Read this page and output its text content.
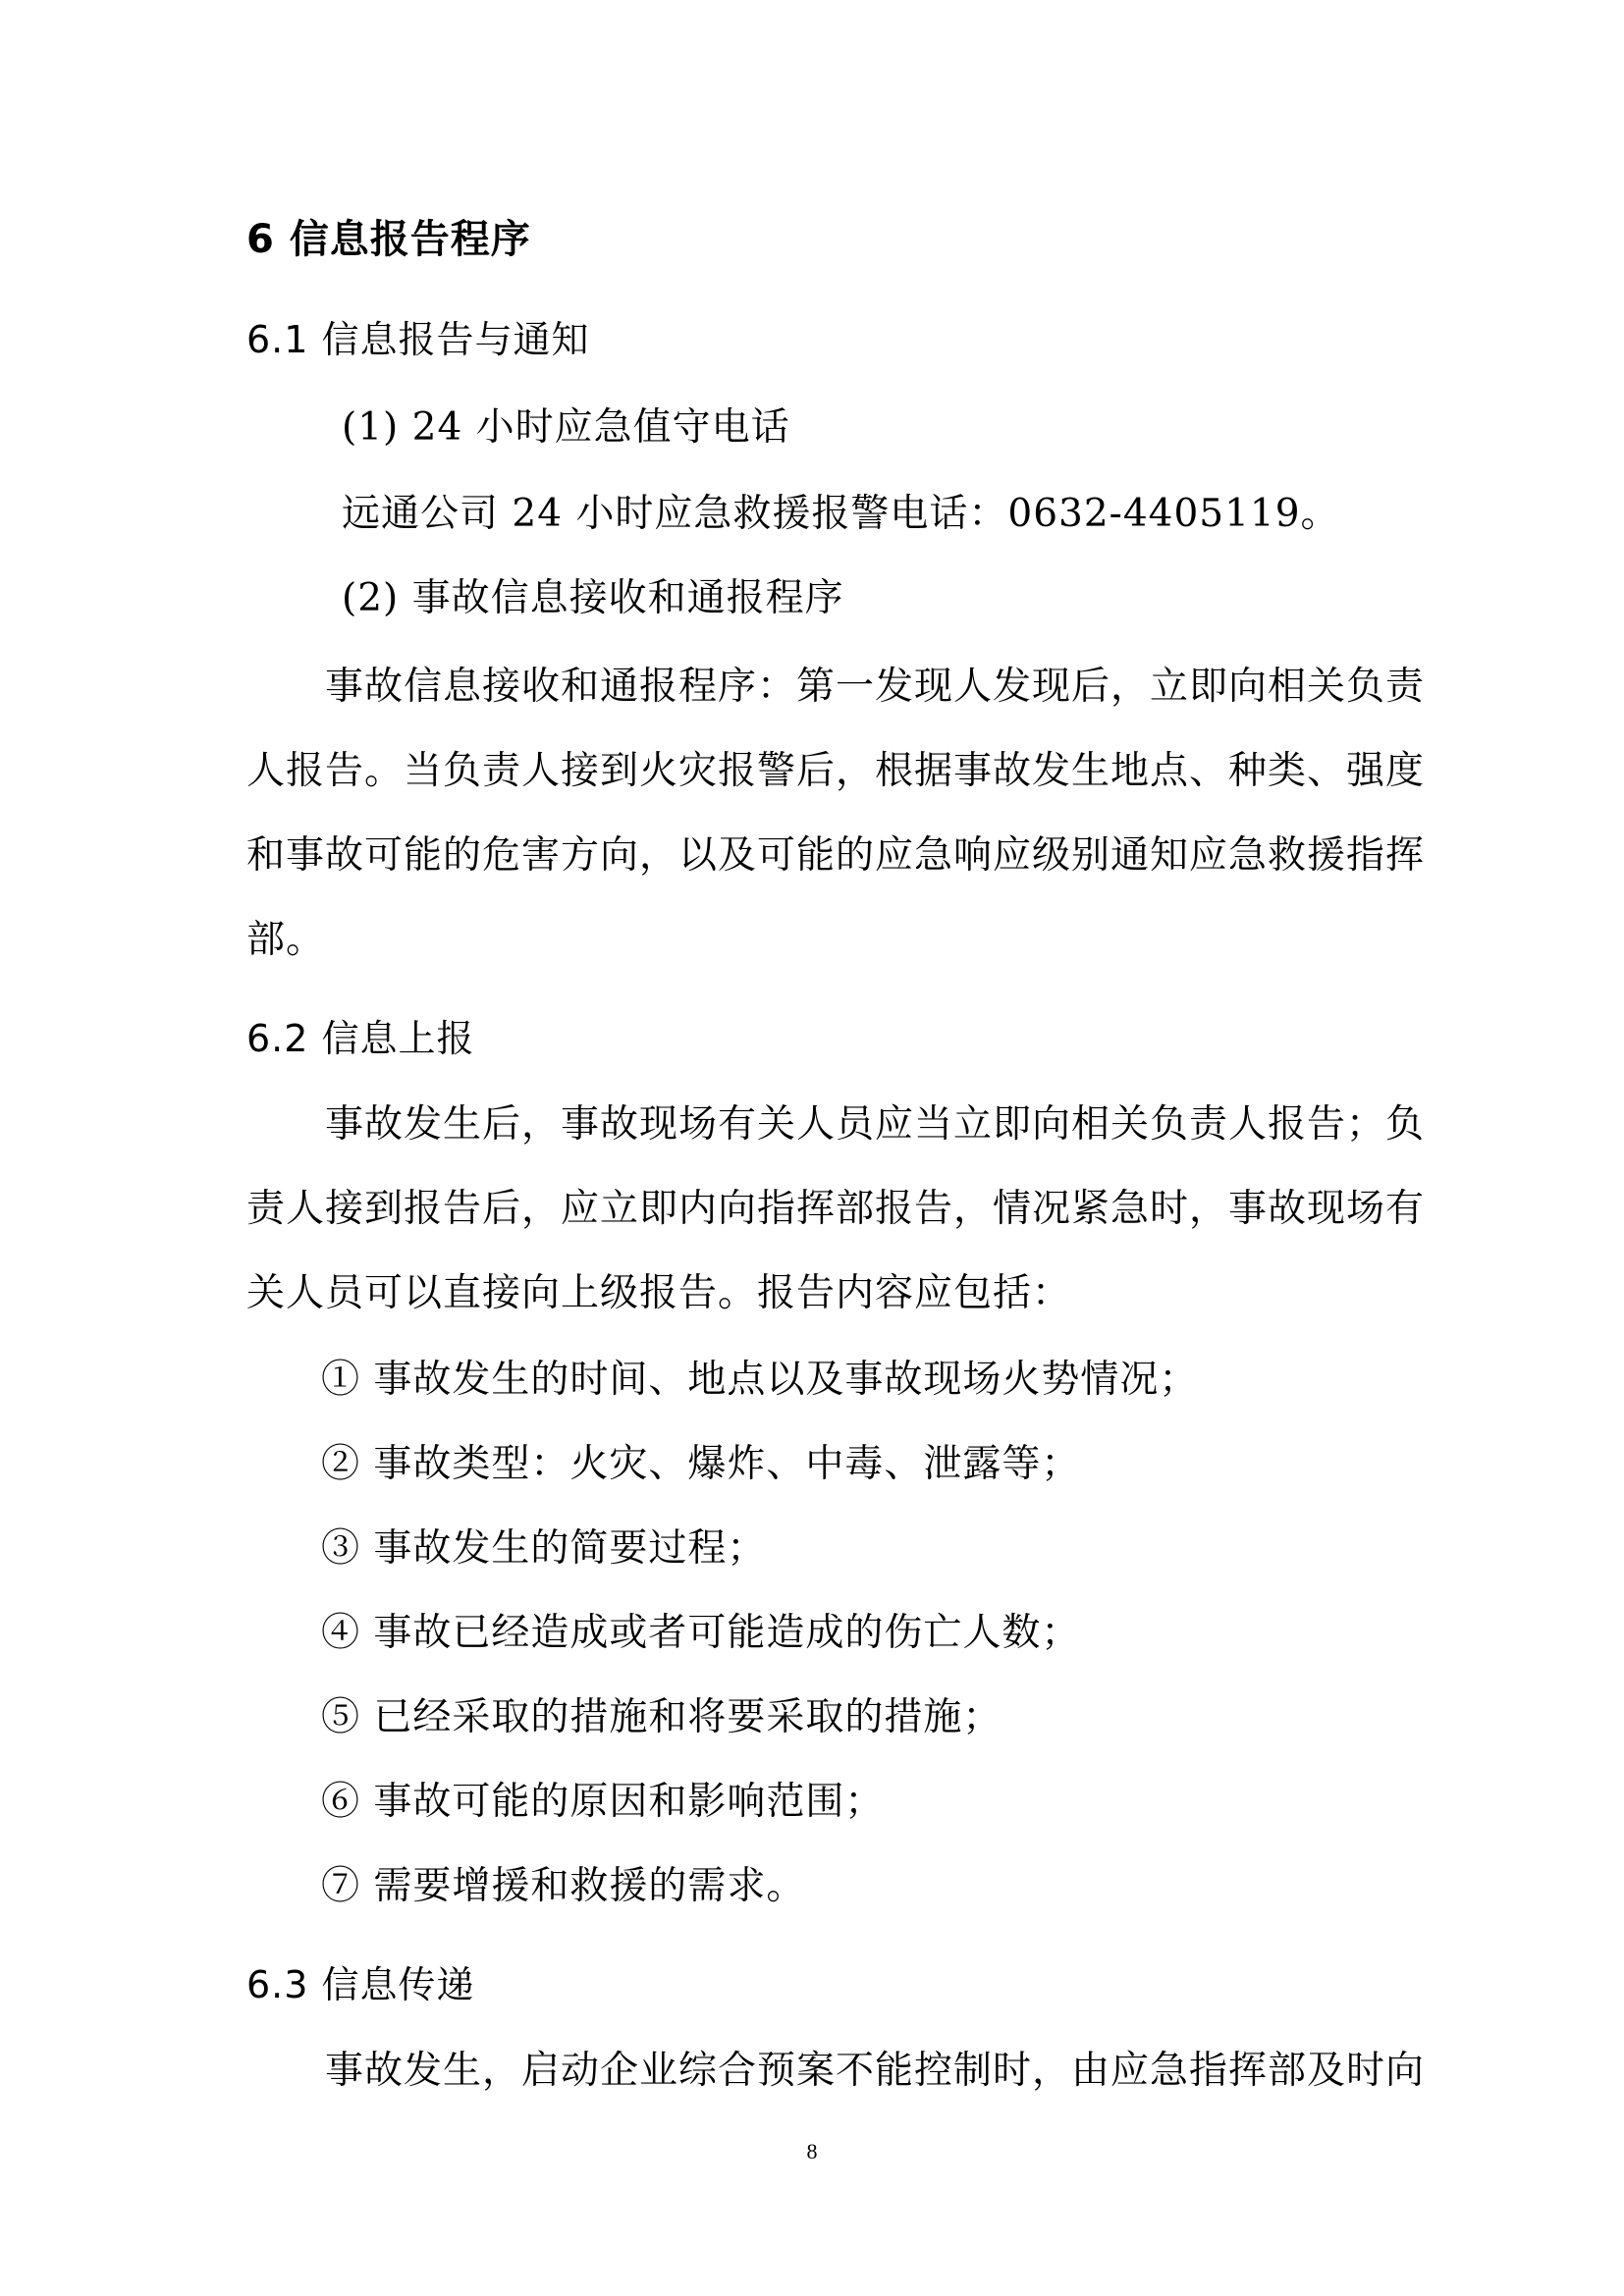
6 信息报告程序
6.1 信息报告与通知
(1) 24 小时应急值守电话
远通公司 24 小时应急救援报警电话：0632-4405119。
(2) 事故信息接收和通报程序
事故信息接收和通报程序：第一发现人发现后，立即向相关负责
人报告。当负责人接到火灾报警后，根据事故发生地点、种类、强度
和事故可能的危害方向，以及可能的应急响应级别通知应急救援指挥
部。
6.2 信息上报
事故发生后，事故现场有关人员应当立即向相关负责人报告；负
责人接到报告后，应立即内向指挥部报告，情况紧急时，事故现场有
关人员可以直接向上级报告。报告内容应包括：
① 事故发生的时间、地点以及事故现场火势情况；
② 事故类型：火灾、爆炸、中毒、泄露等；
③ 事故发生的简要过程；
④ 事故已经造成或者可能造成的伤亡人数；
⑤ 已经采取的措施和将要采取的措施；
⑥ 事故可能的原因和影响范围；
⑦ 需要增援和救援的需求。
6.3 信息传递
事故发生，启动企业综合预案不能控制时，由应急指挥部及时向
8
